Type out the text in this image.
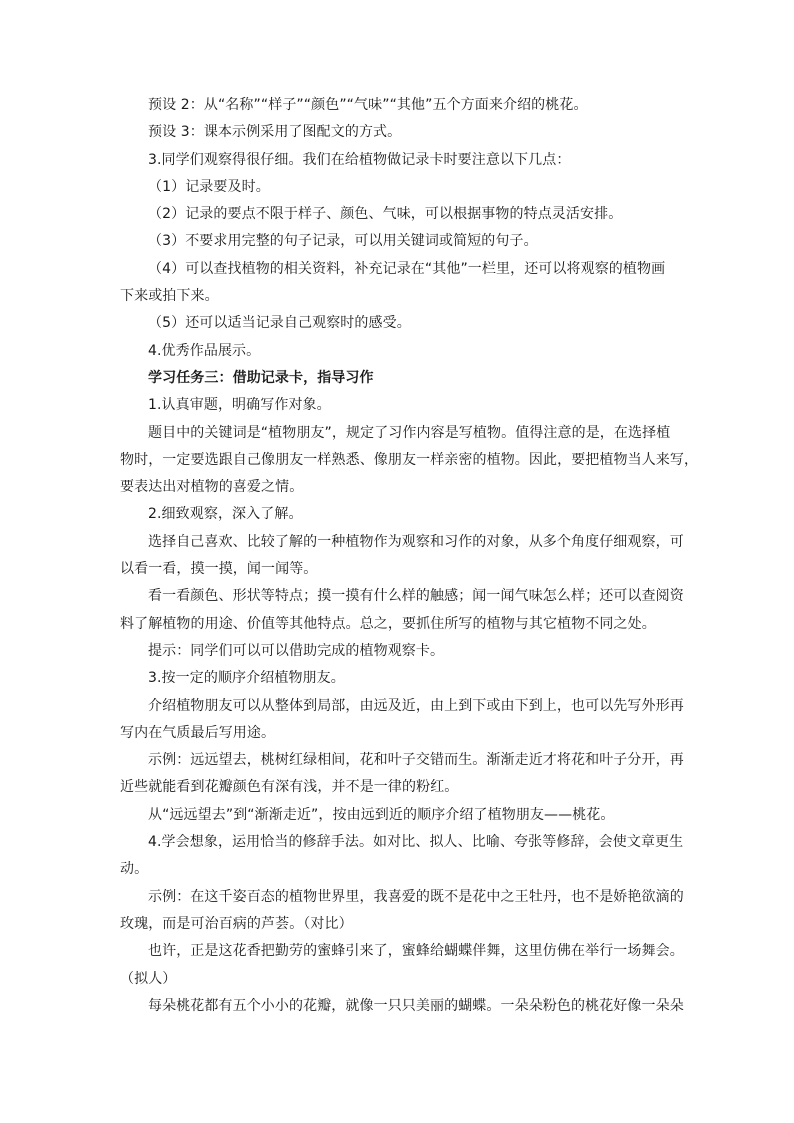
预设 2：从“名称”“样子”“颜色”“气味”“其他”五个方面来介绍的桃花。
预设 3：课本示例采用了图配文的方式。
3.同学们观察得很仔细。我们在给植物做记录卡时要注意以下几点：
（1）记录要及时。
（2）记录的要点不限于样子、颜色、气味，可以根据事物的特点灵活安排。
（3）不要求用完整的句子记录，可以用关键词或简短的句子。
（4）可以查找植物的相关资料，补充记录在“其他”一栏里，还可以将观察的植物画
下来或拍下来。
（5）还可以适当记录自己观察时的感受。
4.优秀作品展示。
学习任务三：借助记录卡，指导习作
1.认真审题，明确写作对象。
题目中的关键词是“植物朋友”，规定了习作内容是写植物。值得注意的是，在选择植
物时，一定要选跟自己像朋友一样熟悉、像朋友一样亲密的植物。因此，要把植物当人来写，
要表达出对植物的喜爱之情。
2.细致观察，深入了解。
选择自己喜欢、比较了解的一种植物作为观察和习作的对象，从多个角度仔细观察，可
以看一看，摸一摸，闻一闻等。
看一看颜色、形状等特点；摸一摸有什么样的触感；闻一闻气味怎么样；还可以查阅资
料了解植物的用途、价值等其他特点。总之，要抓住所写的植物与其它植物不同之处。
提示：同学们可以可以借助完成的植物观察卡。
3.按一定的顺序介绍植物朋友。
介绍植物朋友可以从整体到局部，由远及近，由上到下或由下到上，也可以先写外形再
写内在气质最后写用途。
示例：远远望去，桃树红绿相间，花和叶子交错而生。渐渐走近才将花和叶子分开，再
近些就能看到花瓣颜色有深有浅，并不是一律的粉红。
从“远远望去”到“渐渐走近”，按由远到近的顺序介绍了植物朋友——桃花。
4.学会想象，运用恰当的修辞手法。如对比、拟人、比喻、夸张等修辞，会使文章更生
动。
示例：在这千姿百态的植物世界里，我喜爱的既不是花中之王牡丹，也不是娇艳欲滴的
玫瑰，而是可治百病的芦荟。（对比）
也许，正是这花香把勤劳的蜜蜂引来了，蜜蜂给蝴蝶伴舞，这里仿佛在举行一场舞会。
（拟人）
每朵桃花都有五个小小的花瓣，就像一只只美丽的蝴蝶。一朵朵粉色的桃花好像一朵朵
